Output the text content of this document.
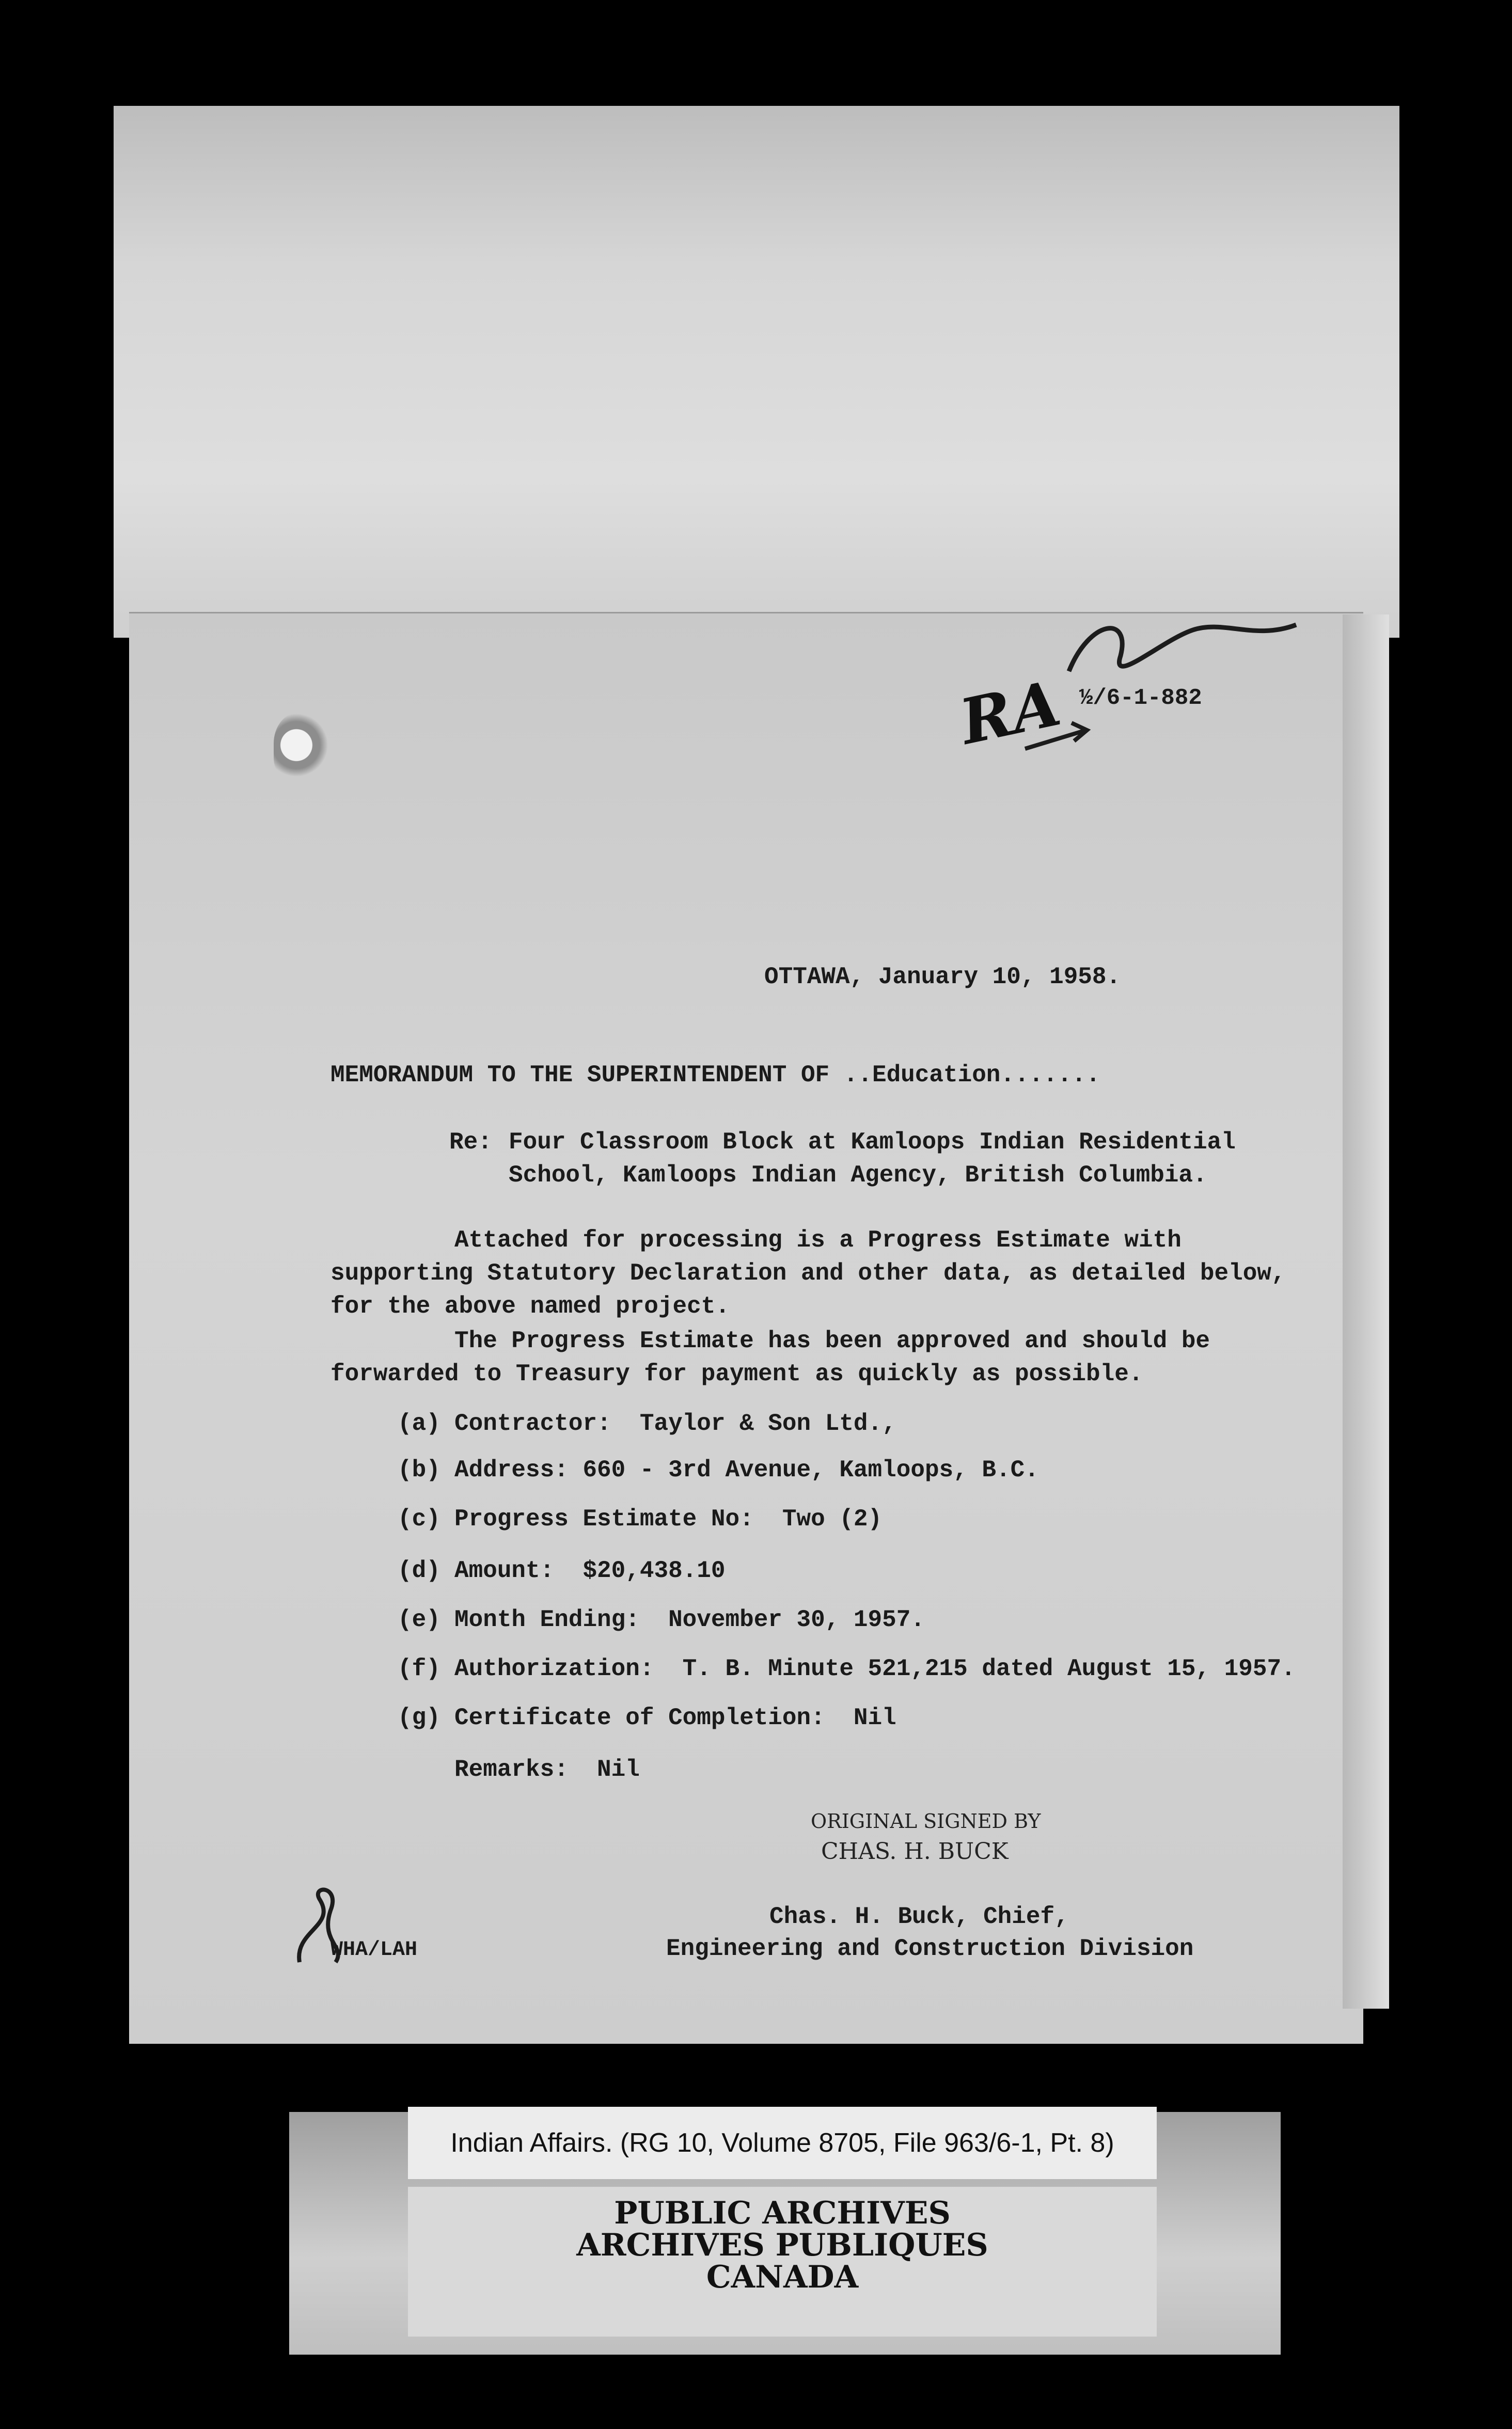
RA ½/6-1-882
OTTAWA, January 10, 1958.
MEMORANDUM TO THE SUPERINTENDENT OF ..Education.......
Re: Four Classroom Block at Kamloops Indian Residential
School, Kamloops Indian Agency, British Columbia.
Attached for processing is a Progress Estimate with
supporting Statutory Declaration and other data, as detailed below,
for the above named project.
The Progress Estimate has been approved and should be
forwarded to Treasury for payment as quickly as possible.
(a) Contractor:  Taylor & Son Ltd.,
(b) Address: 660 - 3rd Avenue, Kamloops, B.C.
(c) Progress Estimate No:  Two (2)
(d) Amount:  $20,438.10
(e) Month Ending:  November 30, 1957.
(f) Authorization:  T. B. Minute 521,215 dated August 15, 1957.
(g) Certificate of Completion:  Nil
Remarks:  Nil
ORIGINAL SIGNED BY
CHAS. H. BUCK
Chas. H. Buck, Chief,
Engineering and Construction Division
WHA/LAH
Indian Affairs. (RG 10, Volume 8705, File 963/6-1, Pt. 8)
PUBLIC ARCHIVES
ARCHIVES PUBLIQUES
CANADA
